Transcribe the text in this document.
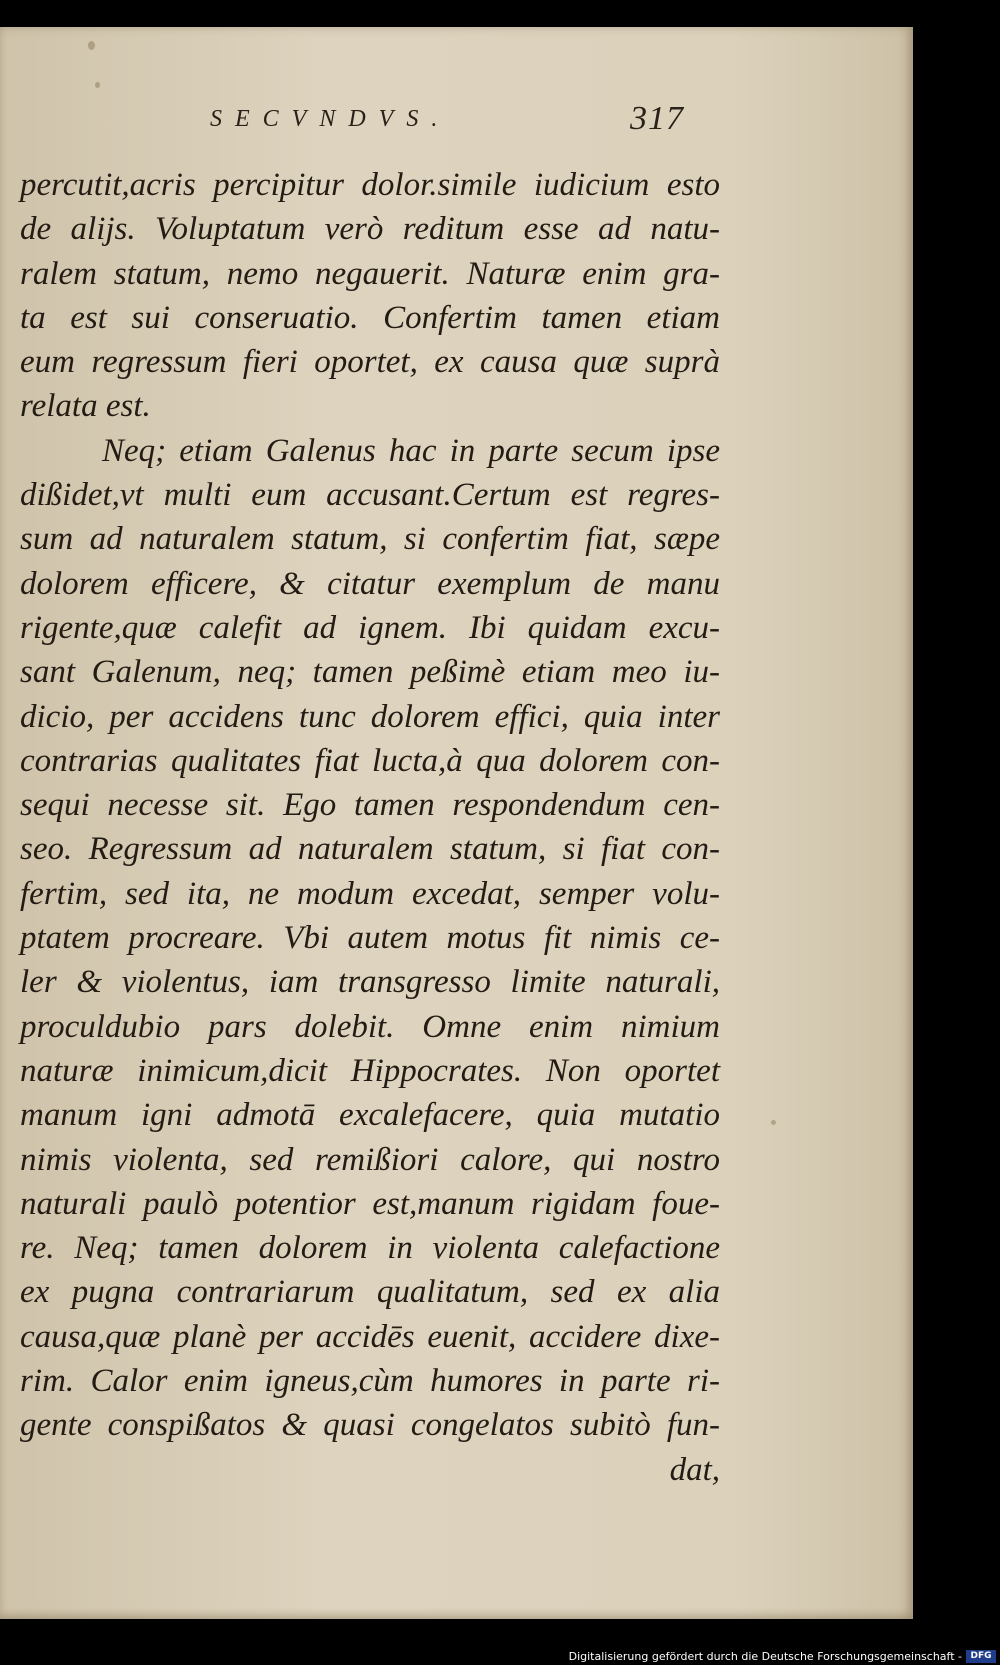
SECVNDVS.	317
percutit,acris percipitur dolor.simile iudicium esto
de alijs. Voluptatum verò reditum esse ad natu-
ralem statum, nemo negauerit. Naturæ enim gra-
ta est sui conseruatio. Confertim tamen etiam
eum regressum fieri oportet, ex causa quæ suprà
relata est.
Neq; etiam Galenus hac in parte secum ipse
dißidet,vt multi eum accusant.Certum est regres-
sum ad naturalem statum, si confertim fiat, sæpe
dolorem efficere, & citatur exemplum de manu
rigente,quæ calefit ad ignem. Ibi quidam excu-
sant Galenum, neq; tamen peßimè etiam meo iu-
dicio, per accidens tunc dolorem effici, quia inter
contrarias qualitates fiat lucta,à qua dolorem con-
sequi necesse sit. Ego tamen respondendum cen-
seo. Regressum ad naturalem statum, si fiat con-
fertim, sed ita, ne modum excedat, semper volu-
ptatem procreare. Vbi autem motus fit nimis ce-
ler & violentus, iam transgresso limite naturali,
proculdubio pars dolebit. Omne enim nimium
naturæ inimicum,dicit Hippocrates. Non oportet
manum igni admotā excalefacere, quia mutatio
nimis violenta, sed remißiori calore, qui nostro
naturali paulò potentior est,manum rigidam foue-
re. Neq; tamen dolorem in violenta calefactione
ex pugna contrariarum qualitatum, sed ex alia
causa,quæ planè per accidēs euenit, accidere dixe-
rim. Calor enim igneus,cùm humores in parte ri-
gente conspißatos & quasi congelatos subitò fun-
dat,
Digitalisierung gefördert durch die Deutsche Forschungsgemeinschaft - DFG
